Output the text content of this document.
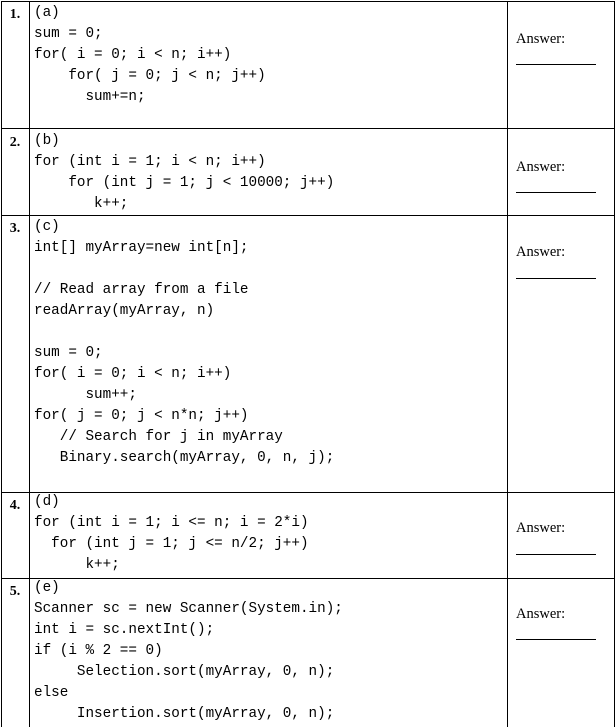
1. (a)
sum = 0;
for( i = 0; i < n; i++)
for( j = 0; j < n; j++)
sum+=n;
Answer:
2. (b)
for (int i = 1; i < n; i++)
for (int j = 1; j < 10000; j++)
k++;
Answer:
3. (c)
int[] myArray=new int[n];
// Read array from a file
readArray(myArray, n)
sum = 0;
for( i = 0; i < n; i++)
sum++;
for( j = 0; j < n*n; j++)
// Search for j in myArray
Binary.search(myArray, 0, n, j);
Answer:
4. (d)
for (int i = 1; i <= n; i = 2*i)
for (int j = 1; j <= n/2; j++)
k++;
Answer:
5. (e)
Scanner sc = new Scanner(System.in);
int i = sc.nextInt();
if (i % 2 == 0)
Selection.sort(myArray, 0, n);
else
Insertion.sort(myArray, 0, n);
Answer:
